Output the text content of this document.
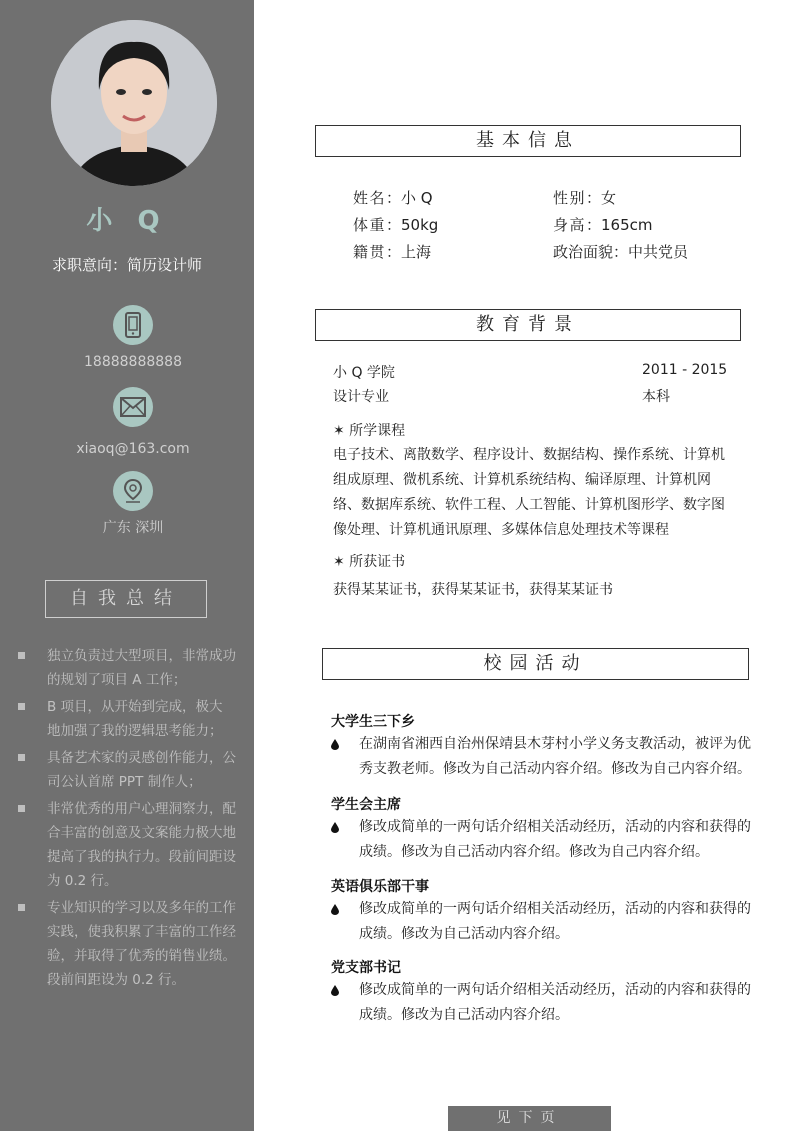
小 Q
求职意向：简历设计师
18888888888
xiaoq@163.com
广东 深圳
自我总结
独立负责过大型项目，非常成功的规划了项目 A 工作；
B 项目，从开始到完成，极大地加强了我的逻辑思考能力；
具备艺术家的灵感创作能力，公司公认首席 PPT 制作人；
非常优秀的用户心理洞察力，配合丰富的创意及文案能力极大地提高了我的执行力。段前间距设为 0.2 行。
专业知识的学习以及多年的工作实践，使我积累了丰富的工作经验，并取得了优秀的销售业绩。段前间距设为 0.2 行。
基本信息
姓名：小 Q	性别：女
体重：50kg	身高：165cm
籍贯：上海	政治面貌：中共党员
教育背景
小 Q 学院	2011 - 2015
设计专业	本科
✶ 所学课程
电子技术、离散数学、程序设计、数据结构、操作系统、计算机组成原理、微机系统、计算机系统结构、编译原理、计算机网络、数据库系统、软件工程、人工智能、计算机图形学、数字图像处理、计算机通讯原理、多媒体信息处理技术等课程
✶ 所获证书
获得某某证书，获得某某证书，获得某某证书
校园活动
大学生三下乡
在湖南省湘西自治州保靖县木芽村小学义务支教活动，被评为优秀支教老师。修改为自己活动内容介绍。修改为自己内容介绍。
学生会主席
修改成简单的一两句话介绍相关活动经历，活动的内容和获得的成绩。修改为自己活动内容介绍。修改为自己内容介绍。
英语俱乐部干事
修改成简单的一两句话介绍相关活动经历，活动的内容和获得的成绩。修改为自己活动内容介绍。
党支部书记
修改成简单的一两句话介绍相关活动经历，活动的内容和获得的成绩。修改为自己活动内容介绍。
见下页
